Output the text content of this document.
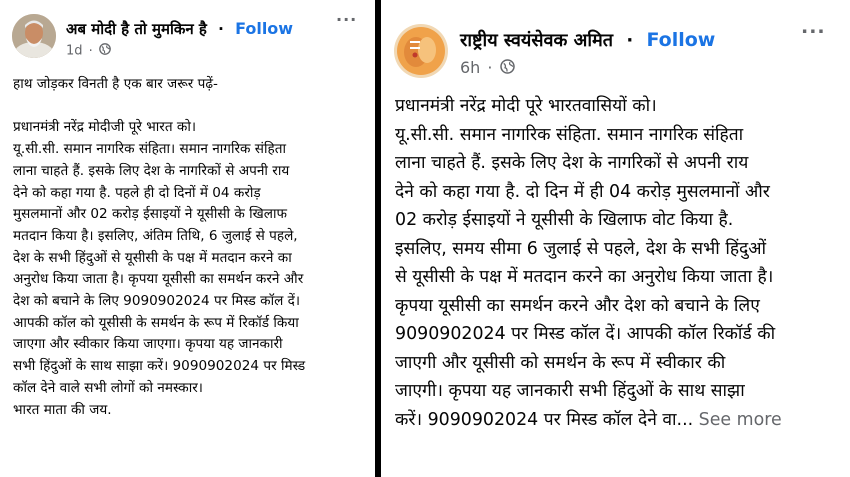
अब मोदी है तो मुमकिन है · Follow
1d ·
...
हाथ जोड़कर विनती है एक बार जरूर पढ़ें-

प्रधानमंत्री नरेंद्र मोदीजी पूरे भारत को।
यू.सी.सी. समान नागरिक संहिता। समान नागरिक संहिता
लाना चाहते हैं. इसके लिए देश के नागरिकों से अपनी राय
देने को कहा गया है. पहले ही दो दिनों में 04 करोड़
मुसलमानों और 02 करोड़ ईसाइयों ने यूसीसी के खिलाफ
मतदान किया है। इसलिए, अंतिम तिथि, 6 जुलाई से पहले,
देश के सभी हिंदुओं से यूसीसी के पक्ष में मतदान करने का
अनुरोध किया जाता है। कृपया यूसीसी का समर्थन करने और
देश को बचाने के लिए 9090902024 पर मिस्ड कॉल दें।
आपकी कॉल को यूसीसी के समर्थन के रूप में रिकॉर्ड किया
जाएगा और स्वीकार किया जाएगा। कृपया यह जानकारी
सभी हिंदुओं के साथ साझा करें। 9090902024 पर मिस्ड
कॉल देने वाले सभी लोगों को नमस्कार।
भारत माता की जय.
राष्ट्रीय स्वयंसेवक अमित · Follow
6h ·
...
प्रधानमंत्री नरेंद्र मोदी पूरे भारतवासियों को।
यू.सी.सी. समान नागरिक संहिता. समान नागरिक संहिता
लाना चाहते हैं. इसके लिए देश के नागरिकों से अपनी राय
देने को कहा गया है. दो दिन में ही 04 करोड़ मुसलमानों और
02 करोड़ ईसाइयों ने यूसीसी के खिलाफ वोट किया है.
इसलिए, समय सीमा 6 जुलाई से पहले, देश के सभी हिंदुओं
से यूसीसी के पक्ष में मतदान करने का अनुरोध किया जाता है।
कृपया यूसीसी का समर्थन करने और देश को बचाने के लिए
9090902024 पर मिस्ड कॉल दें। आपकी कॉल रिकॉर्ड की
जाएगी और यूसीसी को समर्थन के रूप में स्वीकार की
जाएगी। कृपया यह जानकारी सभी हिंदुओं के साथ साझा
करें। 9090902024 पर मिस्ड कॉल देने वा... See more
